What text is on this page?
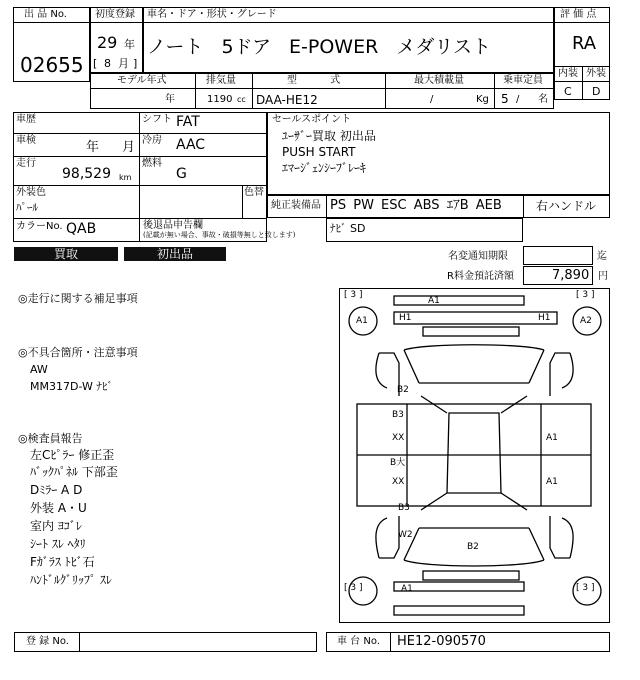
出 品 No.
02655
初度登録
29 年
[ 8 月 ]
車名・ドア・形状・グレード
ノート 5ドア E-POWER メダリスト
評 価 点
RA
内装 外装
C D
モデル年式
年
排気量
1190 cc
型 式
DAA-HE12
最大積載量
/	Kg
乗車定員
5 / 名
車歴
車検	年 月
走行
98,529 km
シフト FAT
冷房 AAC
燃料
G
外装色
ﾊﾟｰﾙ
色替
カラーNo. QAB	後退品申告欄
(記載が無い場合、事故・破損等無しと致します)
セールスポイント
ﾕｰｻﾞｰ買取 初出品
PUSH START
ｴﾏｰｼﾞｪﾝｼｰﾌﾞﾚｰｷ
純正装備品 PS PW ESC ABS ｴｱB AEB	右ハンドル
ﾅﾋﾞ SD
買取	初出品	名変通知期限	迄
R料金預託済額	7,890 円
◎走行に関する補足事項
◎不具合箇所・注意事項
AW
MM317D-W ﾅﾋﾞ
◎検査員報告
左Cﾋﾟﾗｰ 修正歪
ﾊﾞｯｸﾊﾟﾈﾙ 下部歪
Dﾐﾗｰ A D
外装 A・U
室内 ﾖｺﾞﾚ
ｼｰﾄ ｽﾚ ﾍﾀﾘ
Fｶﾞﾗｽ ﾄﾋﾞ石
ﾊﾝﾄﾞﾙｸﾞﾘｯﾌﾟ ｽﾚ
[ 3 ]	[ 3 ]
[ 3 ]	[ 3 ]
A1
A1	A2
H1	H1
B2
B3
XX	A1
B大
XX	A1
B3
W2
B2
A1
登 録 No.	車 台 No. HE12-090570
